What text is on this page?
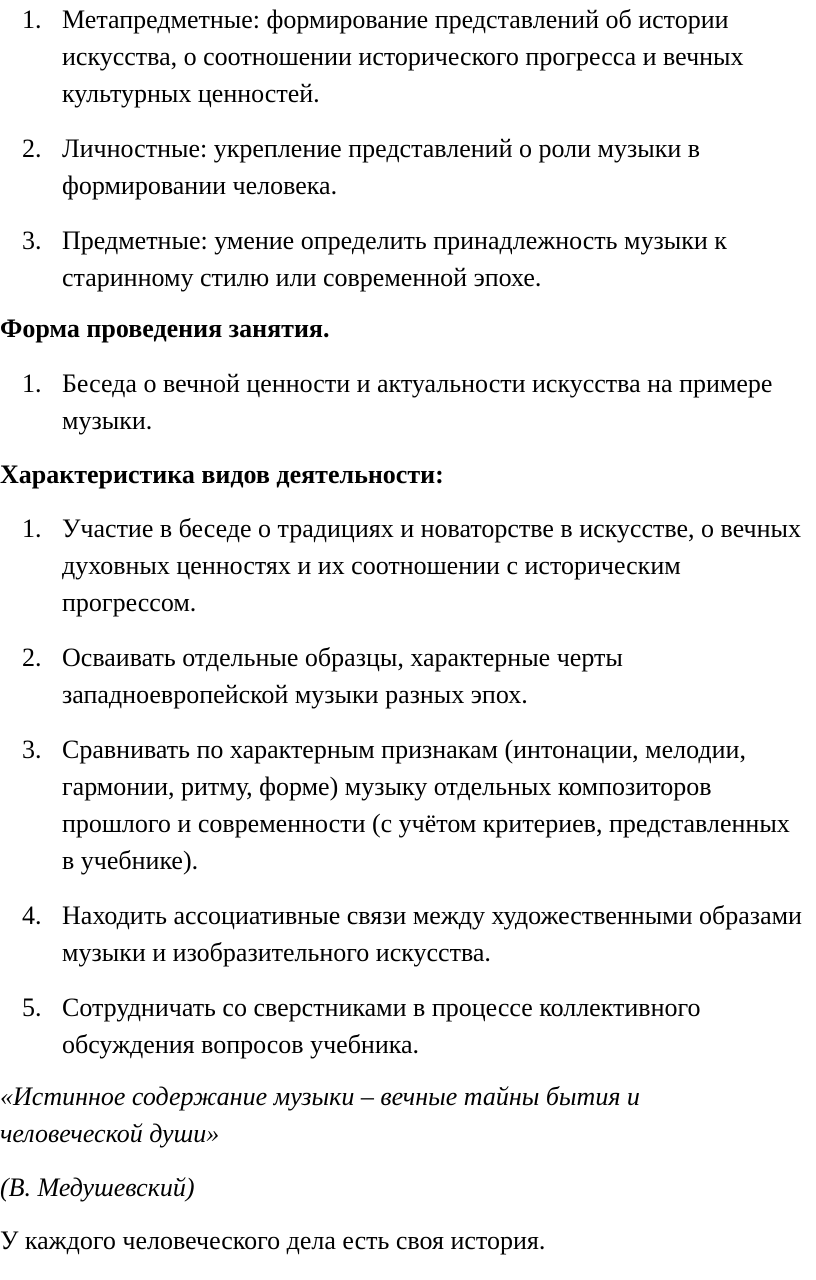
1. Метапредметные: формирование представлений об истории искусства, о соотношении исторического прогресса и вечных культурных ценностей.
2. Личностные: укрепление представлений о роли музыки в формировании человека.
3. Предметные: умение определить принадлежность музыки к старинному стилю или современной эпохе.
Форма проведения занятия.
1. Беседа о вечной ценности и актуальности искусства на примере музыки.
Характеристика видов деятельности:
1. Участие в беседе о традициях и новаторстве в искусстве, о вечных духовных ценностях и их соотношении с историческим прогрессом.
2. Осваивать отдельные образцы, характерные черты западноевропейской музыки разных эпох.
3. Сравнивать по характерным признакам (интонации, мелодии, гармонии, ритму, форме) музыку отдельных композиторов прошлого и современности (с учётом критериев, представленных в учебнике).
4. Находить ассоциативные связи между художественными образами музыки и изобразительного искусства.
5. Сотрудничать со сверстниками в процессе коллективного обсуждения вопросов учебника.
«Истинное содержание музыки – вечные тайны бытия и человеческой души»
(В. Медушевский)
У каждого человеческого дела есть своя история.
